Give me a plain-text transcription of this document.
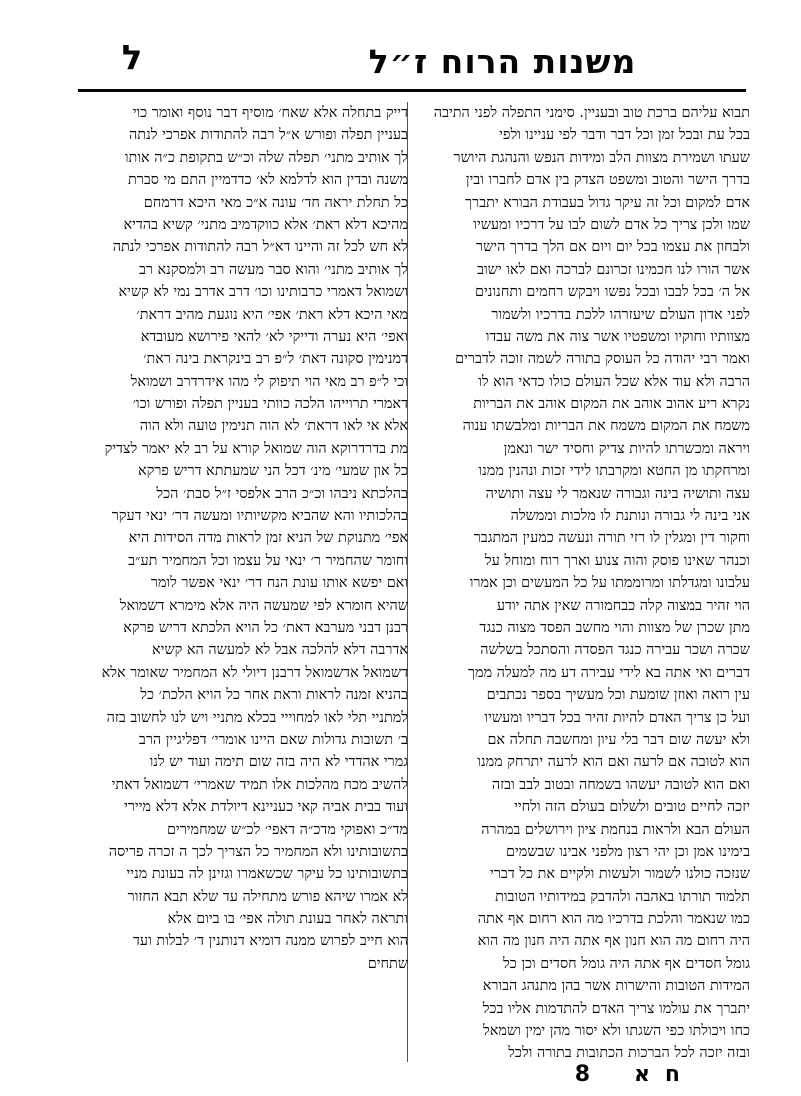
ל	משנות הרוח ז״ל
תבוא עליהם ברכת טוב ובעניין. סימני התפלה לפני התיבה
בכל עת ובכל זמן וכל דבר ודבר לפי עניינו ולפי
שעתו ושמירת מצוות הלב ומידות הנפש והנהגת היושר
בדרך הישר והטוב ומשפט הצדק בין אדם לחברו ובין
אדם למקום וכל זה עיקר גדול בעבודת הבורא יתברך
שמו ולכן צריך כל אדם לשום לבו על דרכיו ומעשיו
ולבחון את עצמו בכל יום ויום אם הלך בדרך הישר
אשר הורו לנו חכמינו זכרונם לברכה ואם לאו ישוב
אל ה׳ בכל לבבו ובכל נפשו ויבקש רחמים ותחנונים
לפני אדון העולם שיעזרהו ללכת בדרכיו ולשמור
מצוותיו וחוקיו ומשפטיו אשר צוה את משה עבדו
ואמר רבי יהודה כל העוסק בתורה לשמה זוכה לדברים
הרבה ולא עוד אלא שכל העולם כולו כדאי הוא לו
נקרא ריע אהוב אוהב את המקום אוהב את הבריות
משמח את המקום משמח את הבריות ומלבשתו ענוה
ויראה ומכשרתו להיות צדיק וחסיד ישר ונאמן
ומרחקתו מן החטא ומקרבתו לידי זכות ונהנין ממנו
עצה ותושיה בינה וגבורה שנאמר לי עצה ותושיה
אני בינה לי גבורה ונותנת לו מלכות וממשלה
וחקור דין ומגלין לו רזי תורה ונעשה כמעין המתגבר
וכנהר שאינו פוסק והוה צנוע וארך רוח ומוחל על
עלבונו ומגדלתו ומרוממתו על כל המעשים וכן אמרו
הוי זהיר במצוה קלה כבחמורה שאין אתה יודע
מתן שכרן של מצוות והוי מחשב הפסד מצוה כנגד
שכרה ושכר עבירה כנגד הפסדה והסתכל בשלשה
דברים ואי אתה בא לידי עבירה דע מה למעלה ממך
עין רואה ואוזן שומעת וכל מעשיך בספר נכתבים
ועל כן צריך האדם להיות זהיר בכל דבריו ומעשיו
ולא יעשה שום דבר בלי עיון ומחשבה תחלה אם
הוא לטובה אם לרעה ואם הוא לרעה יתרחק ממנו
ואם הוא לטובה יעשהו בשמחה ובטוב לבב ובזה
יזכה לחיים טובים ולשלום בעולם הזה ולחיי
העולם הבא ולראות בנחמת ציון וירושלים במהרה
בימינו אמן וכן יהי רצון מלפני אבינו שבשמים
שנזכה כולנו לשמור ולעשות ולקיים את כל דברי
תלמוד תורתו באהבה ולהדבק במידותיו הטובות
כמו שנאמר והלכת בדרכיו מה הוא רחום אף אתה
היה רחום מה הוא חנון אף אתה היה חנון מה הוא
גומל חסדים אף אתה היה גומל חסדים וכן כל
המידות הטובות והישרות אשר בהן מתנהג הבורא
יתברך את עולמו צריך האדם להתדמות אליו בכל
כחו ויכולתו כפי השגתו ולא יסור מהן ימין ושמאל
ובזה יזכה לכל הברכות הכתובות בתורה ולכל
דייק בתחלה אלא שאח׳ מוסיף דבר נוסף ואומר כוי
בעניין תפלה ופורש א״ל רבה להתודות אפרכי לנתה
לך אותיב מתני׳ תפלה שלה וכ״ש בתקופת כ״ה אותו
משנה ובדין הוא לדלמא לא׳ כדדמיין התם מי סברת
כל תחלת יראה חד׳ עונה א״כ מאי היכא דרמחם
מהיכא דלא ראת׳ אלא כווקדמיב מתני׳ קשיא בהדיא
לא חש לכל זה והיינו דא״ל רבה להתודות אפרכי לנתה
לך אותיב מתני׳ והוא סבר מעשה רב ולמסקנא רב
ושמואל דאמרי כרבותינו וכו׳ דרב אדרב נמי לא קשיא
מאי היכא דלא ראת׳ אפי׳ היא נוגעת מהיב דראת׳
ואפי׳ היא נערה ודייקי לא׳ להאי פירושא מעובדא
דמנימין סקונה דאת׳ ל״פ רב בינקראת בינה ראת׳
וכי ל״פ רב מאי הוי תיפוק לי מהו אידרדרב ושמואל
דאמרי תרוייהו הלכה כוותי בעניין תפלה ופורש וכו׳
אלא אי לאו דראת׳ לא הוה תנימין טועה ולא הוה
מת בדרדרוקא הוה שמואל קורא על רב לא יאמר לצדיק
כל און שמעי׳ מינ׳ דכל הני שמעתתא דריש פרקא
בהלכתא ניבהו וכ״כ הרב אלפסי ז״ל סבת׳ הכל
בהלכותיו והא שהביא מקשיותיו ומעשה דר׳ ינאי דעקר
אפי׳ מתנוקת של הניא זמן לראות מדה הסידות היא
וחומר שהחמיר ר׳ ינאי על עצמו וכל המחמיר תע״ב
ואם יפשא אותו עונת הנח דר׳ ינאי אפשר לומר
שהיא חומרא לפי שמעשה היה אלא מימרא דשמואל
רבנן דבני מערבא דאת׳ כל הויא הלכתא דריש פרקא
אדרבה דלא להלכה אבל לא למעשה הא קשיא
דשמואל אדשמואל דרבנן דיולי לא המחמיר שאומר אלא
בהניא זמנה לראות וראת אחר כל הויא הלכת׳ כל
למתניי תלי לאו למחוייי בכלא מתניי ויש לנו לחשוב בזה
ב׳ תשובות גדולות שאם היינו אומרי׳ דפליגיין הרב
גמרי אהדדי לא היה בזה שום תימה ועוד יש לנו
להשיב מכח מהלכות אלו תמיד שאמרי׳ דשמואל דאתי
ועוד בבית אביה קאי כעניינא דיולדת אלא דלא מיירי
מד״כ ואפוקי מדכ״ה דאפי׳ לכ״ש שמחמירים
בתשובותינו ולא המחמיר כל הצריך לכך ה זכרה פריסה
בתשובותינו כל עיקר שכשאמרו וגזינן לה בעונת מניי
לא אמרו שיהא פורש מתחילה עד שלא תבא החזור
ותראה לאחר בעונת תולה אפי׳ בו ביום אלא
הוא חייב לפרוש ממנה דומיא דנותנין ד׳ לבלות ועד
שתחים
ח
א
8
